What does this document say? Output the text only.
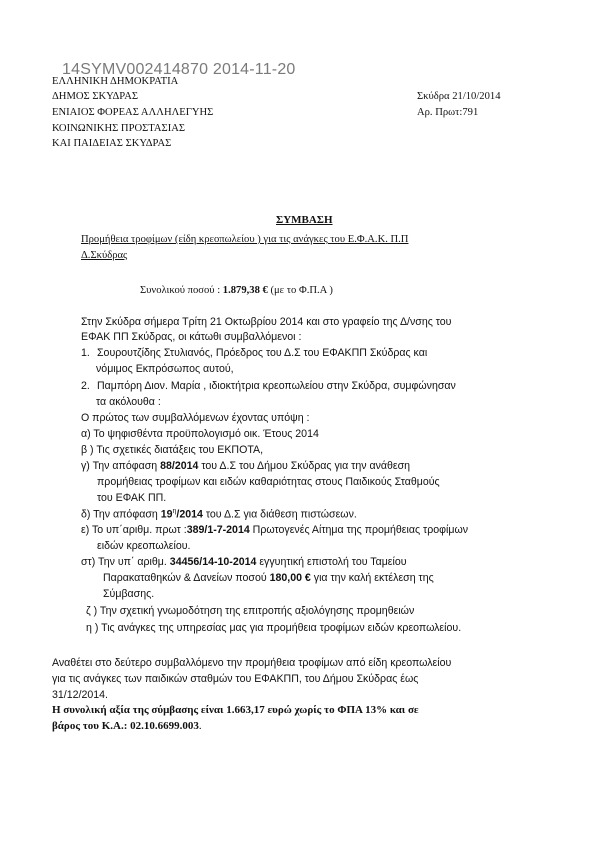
14SYMV002414870 2014-11-20
ΕΛΛΗΝΙΚΗ ΔΗΜΟΚΡΑΤΙΑ
ΔΗΜΟΣ ΣΚΥΔΡΑΣ
ΕΝΙΑΙΟΣ ΦΟΡΕΑΣ ΑΛΛΗΛΕΓΥΗΣ
ΚΟΙΝΩΝΙΚΗΣ ΠΡΟΣΤΑΣΙΑΣ
ΚΑΙ ΠΑΙΔΕΙΑΣ ΣΚΥΔΡΑΣ
Σκύδρα 21/10/2014
Αρ. Πρωτ:791
ΣΥΜΒΑΣΗ
Προμήθεια τροφίμων (είδη κρεοπωλείου ) για τις ανάγκες του Ε.Φ.Α.Κ. Π.Π
Δ.Σκύδρας
Συνολικού ποσού : 1.879,38 € (με το Φ.Π.Α )
Στην Σκύδρα σήμερα Τρίτη 21 Οκτωβρίου 2014 και στο γραφείο της Δ/νσης του
ΕΦΑΚ ΠΠ Σκύδρας, οι κάτωθι συμβαλλόμενοι :
1. Σουρουτζίδης Στυλιανός, Πρόεδρος του Δ.Σ του ΕΦΑΚΠΠ Σκύδρας και
νόμιμος Εκπρόσωπος αυτού,
2. Παμπόρη Διον. Μαρία , ιδιοκτήτρια κρεοπωλείου στην Σκύδρα, συμφώνησαν
τα ακόλουθα :
Ο πρώτος των συμβαλλόμενων έχοντας υπόψη :
α) Το ψηφισθέντα προϋπολογισμό οικ. Έτους 2014
β ) Τις σχετικές διατάξεις του ΕΚΠΟΤΑ,
γ) Την απόφαση 88/2014 του Δ.Σ του Δήμου Σκύδρας για την ανάθεση
προμήθειας τροφίμων και ειδών καθαριότητας στους Παιδικούς Σταθμούς
του ΕΦΑΚ ΠΠ.
δ) Την απόφαση $19^\eta/2014$ του Δ.Σ για διάθεση πιστώσεων.
ε) Το υπ΄αριθμ. πρωτ :389/1-7-2014 Πρωτογενές Αίτημα της προμήθειας τροφίμων
ειδών κρεοπωλείου.
στ) Την υπ΄ αριθμ. 34456/14-10-2014 εγγυητική επιστολή του Ταμείου
Παρακαταθηκών & Δανείων ποσού 180,00 € για την καλή εκτέλεση της
Σύμβασης.
ζ ) Την σχετική γνωμοδότηση της επιτροπής αξιολόγησης προμηθειών
η ) Τις ανάγκες της υπηρεσίας μας για προμήθεια τροφίμων ειδών κρεοπωλείου.
Αναθέτει στο δεύτερο συμβαλλόμενο την προμήθεια τροφίμων από είδη κρεοπωλείου
για τις ανάγκες των παιδικών σταθμών του ΕΦΑΚΠΠ, του Δήμου Σκύδρας έως
31/12/2014.
Η συνολική αξία της σύμβασης είναι 1.663,17 ευρώ χωρίς το ΦΠΑ 13% και σε
βάρος του Κ.Α.: 02.10.6699.003.
